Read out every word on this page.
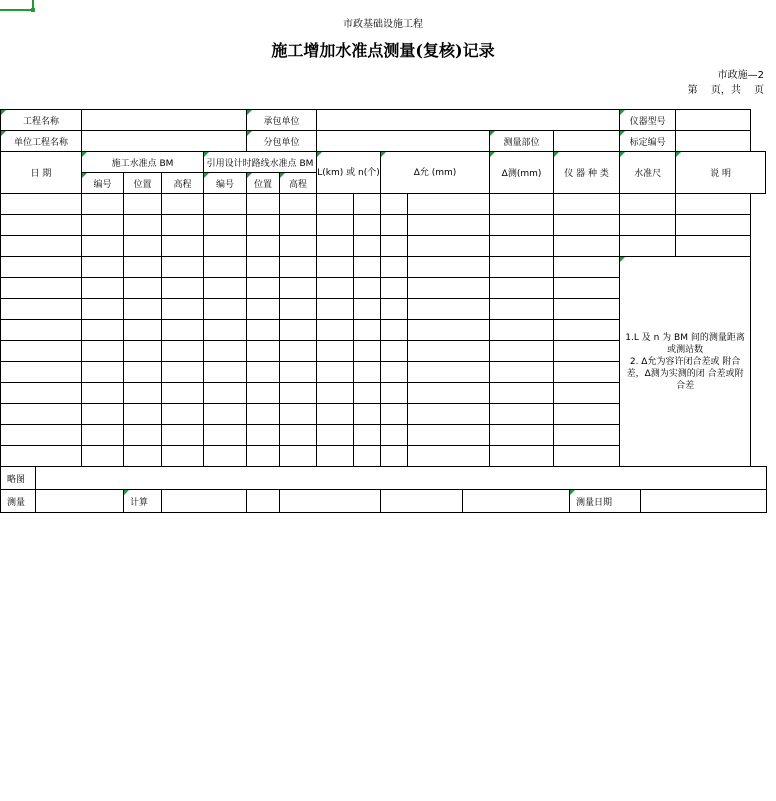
市政基础设施工程
施工增加水准点测量(复核)记录
市政施—2
第 页，共 页
工程名称					承包单位								仪器型号	
单位工程名称					分包单位						测量部位		标定编号	
日 期	施工水准点 BM			引用设计时路线水准点 BM			L(km) 或 n(个)		Δ允 (mm)		Δ测(mm)	仪 器 种 类	水准尺	说 明
	编号	位置	高程	编号	位置	高程								

													1.L 及 n 为 BM 间的测量距离或测站数
2. Δ允为容许闭合差或 附合差，Δ测为实测的闭 合差或附合差	

略图									
测量		计算						测量日期	
